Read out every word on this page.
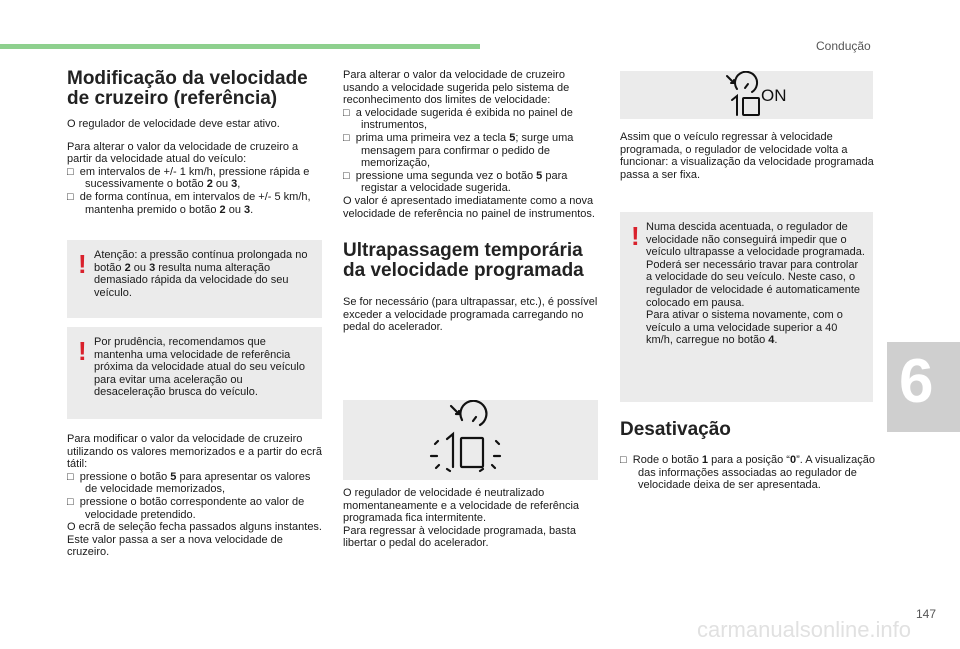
Condução
Modificação da velocidade
de cruzeiro (referência)

O regulador de velocidade deve estar ativo.

Para alterar o valor da velocidade de cruzeiro a partir da velocidade atual do veículo:

□  em intervalos de +/- 1 km/h, pressione rápida e sucessivamente o botão 2 ou 3,

□  de forma contínua, em intervalos de +/- 5 km/h, mantenha premido o botão 2 ou 3.

! Atenção: a pressão contínua prolongada no botão 2 ou 3 resulta numa alteração demasiado rápida da velocidade do seu veículo.

! Por prudência, recomendamos que mantenha uma velocidade de referência próxima da velocidade atual do seu veículo para evitar uma aceleração ou desaceleração brusca do veículo.

Para modificar o valor da velocidade de cruzeiro utilizando os valores memorizados e a partir do ecrã tátil:

□  pressione o botão 5 para apresentar os valores de velocidade memorizados,

□  pressione o botão correspondente ao valor de velocidade pretendido.

O ecrã de seleção fecha passados alguns instantes.

Este valor passa a ser a nova velocidade de cruzeiro.

Para alterar o valor da velocidade de cruzeiro usando a velocidade sugerida pelo sistema de reconhecimento dos limites de velocidade:

□  a velocidade sugerida é exibida no painel de instrumentos,

□  prima uma primeira vez a tecla 5; surge uma mensagem para confirmar o pedido de memorização,

□  pressione uma segunda vez o botão 5 para registar a velocidade sugerida.

O valor é apresentado imediatamente como a nova velocidade de referência no painel de instrumentos.

Ultrapassagem temporária
da velocidade programada

Se for necessário (para ultrapassar, etc.), é possível exceder a velocidade programada carregando no pedal do acelerador.

O regulador de velocidade é neutralizado momentaneamente e a velocidade de referência programada fica intermitente.

Para regressar à velocidade programada, basta libertar o pedal do acelerador.

ON

Assim que o veículo regressar à velocidade programada, o regulador de velocidade volta a funcionar: a visualização da velocidade programada passa a ser fixa.

! Numa descida acentuada, o regulador de velocidade não conseguirá impedir que o veículo ultrapasse a velocidade programada.
Poderá ser necessário travar para controlar a velocidade do seu veículo. Neste caso, o regulador de velocidade é automaticamente colocado em pausa.
Para ativar o sistema novamente, com o veículo a uma velocidade superior a 40 km/h, carregue no botão 4.

Desativação

□  Rode o botão 1 para a posição “0”. A visualização das informações associadas ao regulador de velocidade deixa de ser apresentada.

6
147
carmanualsonline.info
